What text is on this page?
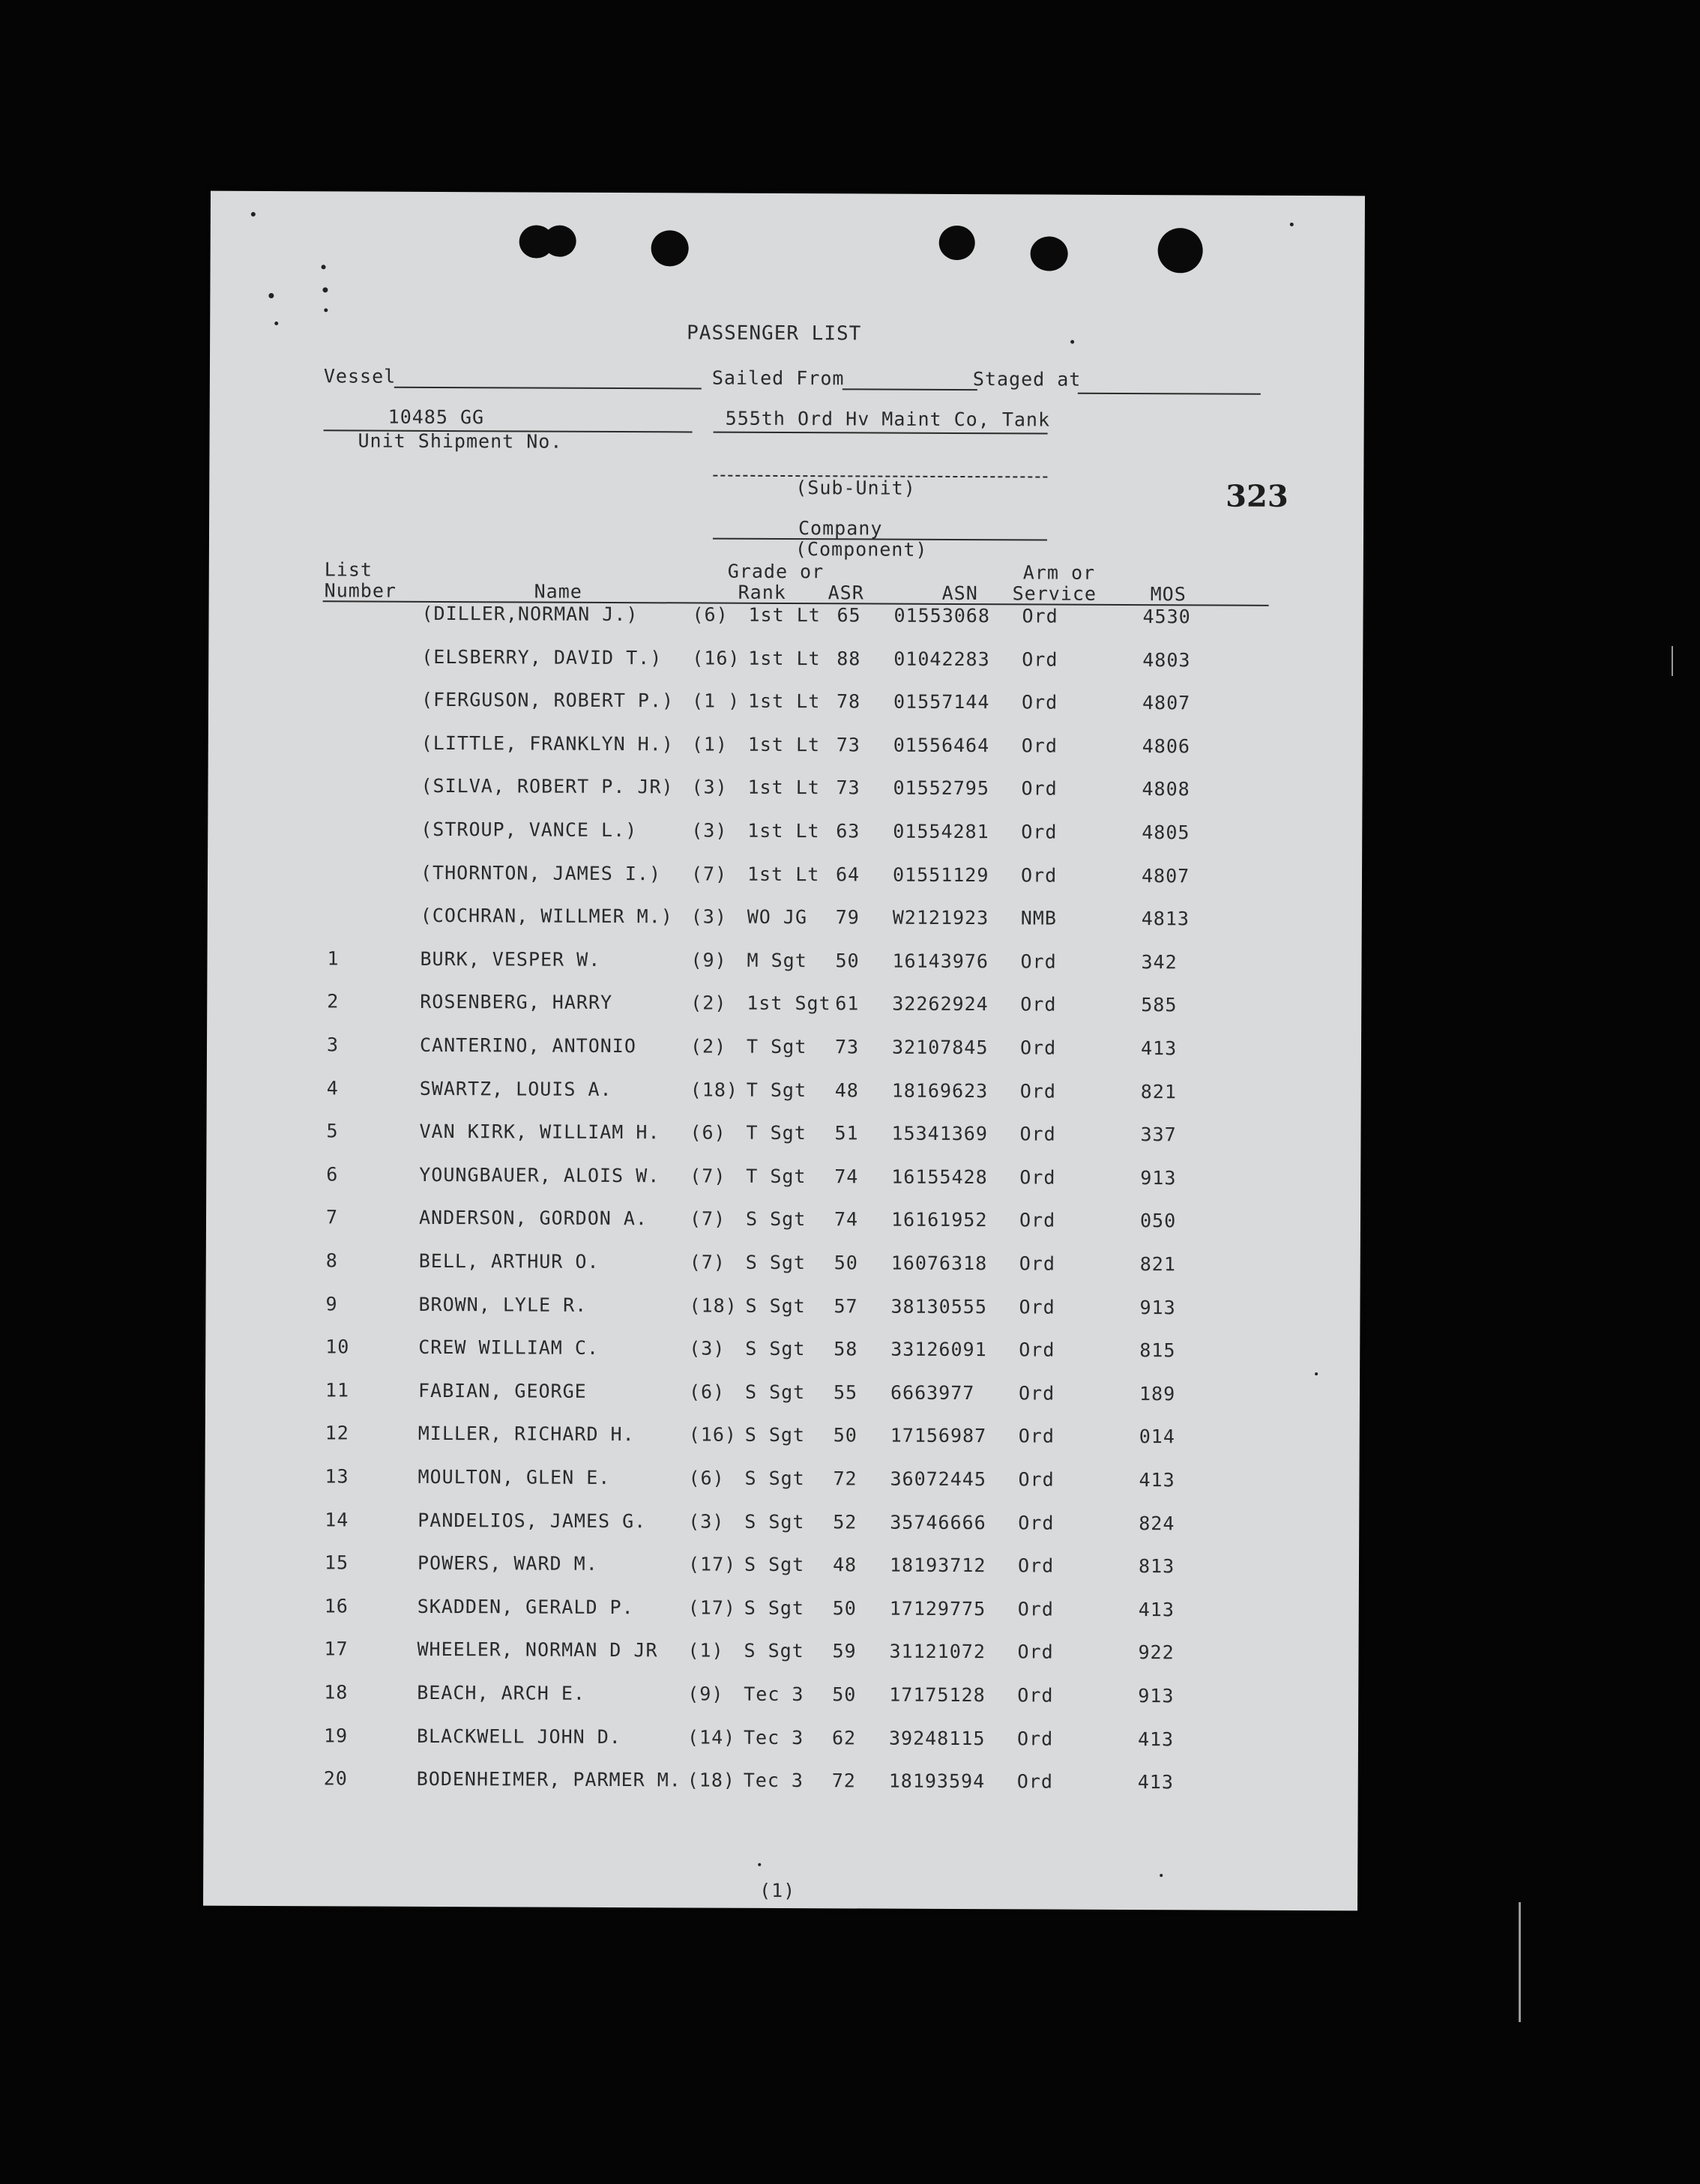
PASSENGER LIST
Vessel	Sailed From	Staged at
10485 GG
Unit Shipment No.
555th Ord Hv Maint Co, Tank
(Sub-Unit)	323
Company
(Component)
List
Number	Name
Grade or
Rank ASR	ASN
Arm or
Service	MOS
(DILLER,NORMAN J.)	(6) 1st Lt 65 01553068 Ord	4530
(ELSBERRY, DAVID T.) (16) 1st Lt 88 01042283 Ord	4803
(FERGUSON, ROBERT P.) (1 ) 1st Lt 78 01557144 Ord	4807
(LITTLE, FRANKLYN H.) (1) 1st Lt 73 01556464 Ord	4806
(SILVA, ROBERT P. JR) (3) 1st Lt 73 01552795 Ord	4808
(STROUP, VANCE L.)	(3) 1st Lt 63 01554281 Ord	4805
(THORNTON, JAMES I.) (7) 1st Lt 64 01551129 Ord	4807
(COCHRAN, WILLMER M.) (3) WO JG 79 W2121923 NMB	4813
1	BURK, VESPER W.	(9) M Sgt 50 16143976 Ord	342
2	ROSENBERG, HARRY	(2) 1st Sgt 61 32262924 Ord	585
3	CANTERINO, ANTONIO	(2) T Sgt 73 32107845 Ord	413
4	SWARTZ, LOUIS A.	(18) T Sgt 48 18169623 Ord	821
5	VAN KIRK, WILLIAM H. (6) T Sgt 51 15341369 Ord	337
6	YOUNGBAUER, ALOIS W. (7) T Sgt 74 16155428 Ord	913
7	ANDERSON, GORDON A. (7) S Sgt 74 16161952 Ord	050
8	BELL, ARTHUR O.	(7) S Sgt 50 16076318 Ord	821
9	BROWN, LYLE R.	(18) S Sgt 57 38130555 Ord	913
10	CREW WILLIAM C.	(3) S Sgt 58 33126091 Ord	815
11	FABIAN, GEORGE	(6) S Sgt 55 6663977 Ord	189
12	MILLER, RICHARD H.	(16) S Sgt 50 17156987 Ord	014
13	MOULTON, GLEN E.	(6) S Sgt 72 36072445 Ord	413
14	PANDELIOS, JAMES G. (3) S Sgt 52 35746666 Ord	824
15	POWERS, WARD M.	(17) S Sgt 48 18193712 Ord	813
16	SKADDEN, GERALD P.	(17) S Sgt 50 17129775 Ord	413
17	WHEELER, NORMAN D JR (1) S Sgt 59 31121072 Ord	922
18	BEACH, ARCH E.	(9) Tec 3 50 17175128 Ord	913
19	BLACKWELL JOHN D.	(14) Tec 3 62 39248115 Ord	413
20	BODENHEIMER, PARMER M. (18) Tec 3 72 18193594 Ord	413
(1)
